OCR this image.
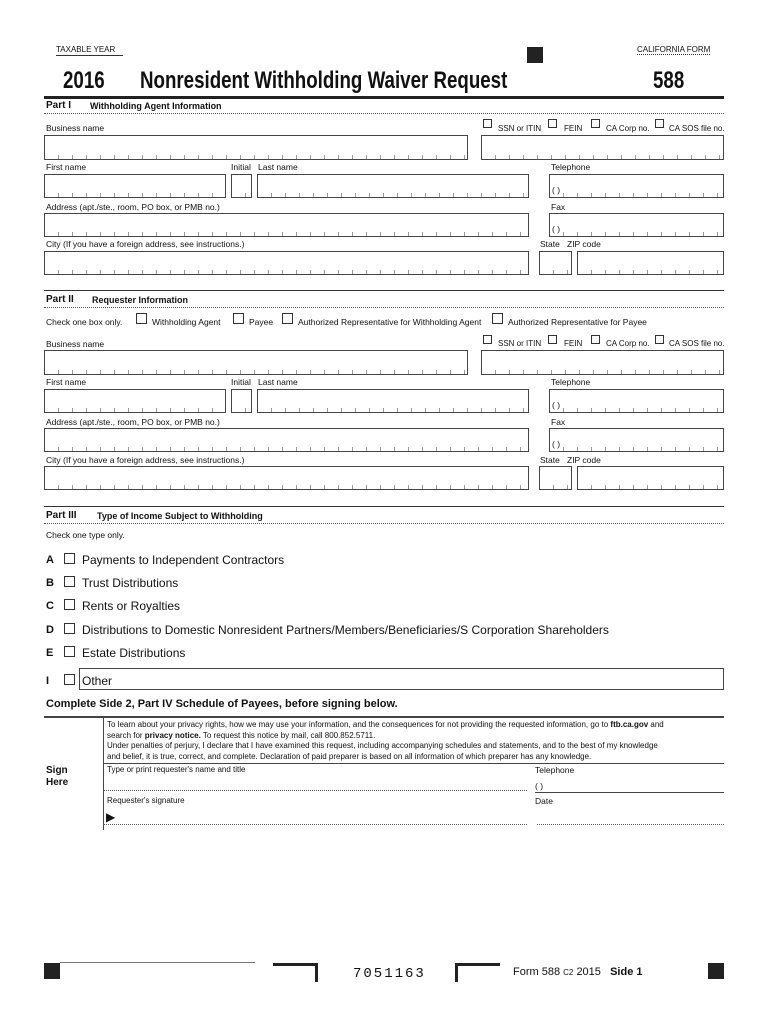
TAXABLE YEAR	CALIFORNIA FORM
2016 Nonresident Withholding Waiver Request	588
Part I Withholding Agent Information
Business name	SSN or ITIN	FEIN	CA Corp no. CA SOS file no.
First name	Initial Last name	Telephone
( )
Address (apt./ste., room, PO box, or PMB no.)	Fax
( )
City (If you have a foreign address, see instructions.)	State ZIP code
Part II Requester Information
Check one box only.	Withholding Agent	Payee	Authorized Representative for Withholding Agent	Authorized Representative for Payee
Business name	SSN or ITIN	FEIN	CA Corp no. CA SOS file no.
First name	Initial Last name	Telephone
( )
Address (apt./ste., room, PO box, or PMB no.)	Fax
( )
City (If you have a foreign address, see instructions.)	State ZIP code
Part III Type of Income Subject to Withholding
Check one type only.
A Payments to Independent Contractors
B Trust Distributions
C Rents or Royalties
D Distributions to Domestic Nonresident Partners/Members/Beneficiaries/S Corporation Shareholders
E Estate Distributions
I	Other
Complete Side 2, Part IV Schedule of Payees, before signing below.
To learn about your privacy rights, how we may use your information, and the consequences for not providing the requested information, go to ftb.ca.gov and
search for privacy notice. To request this notice by mail, call 800.852.5711.
Under penalties of perjury, I declare that I have examined this request, including accompanying schedules and statements, and to the best of my knowledge
and belief, it is true, correct, and complete. Declaration of paid preparer is based on all information of which preparer has any knowledge.
Sign
Here
Type or print requester's name and title	Telephone
( )
Requester's signature	Date
▶
7051163	Form 588 C2 2015 Side 1
